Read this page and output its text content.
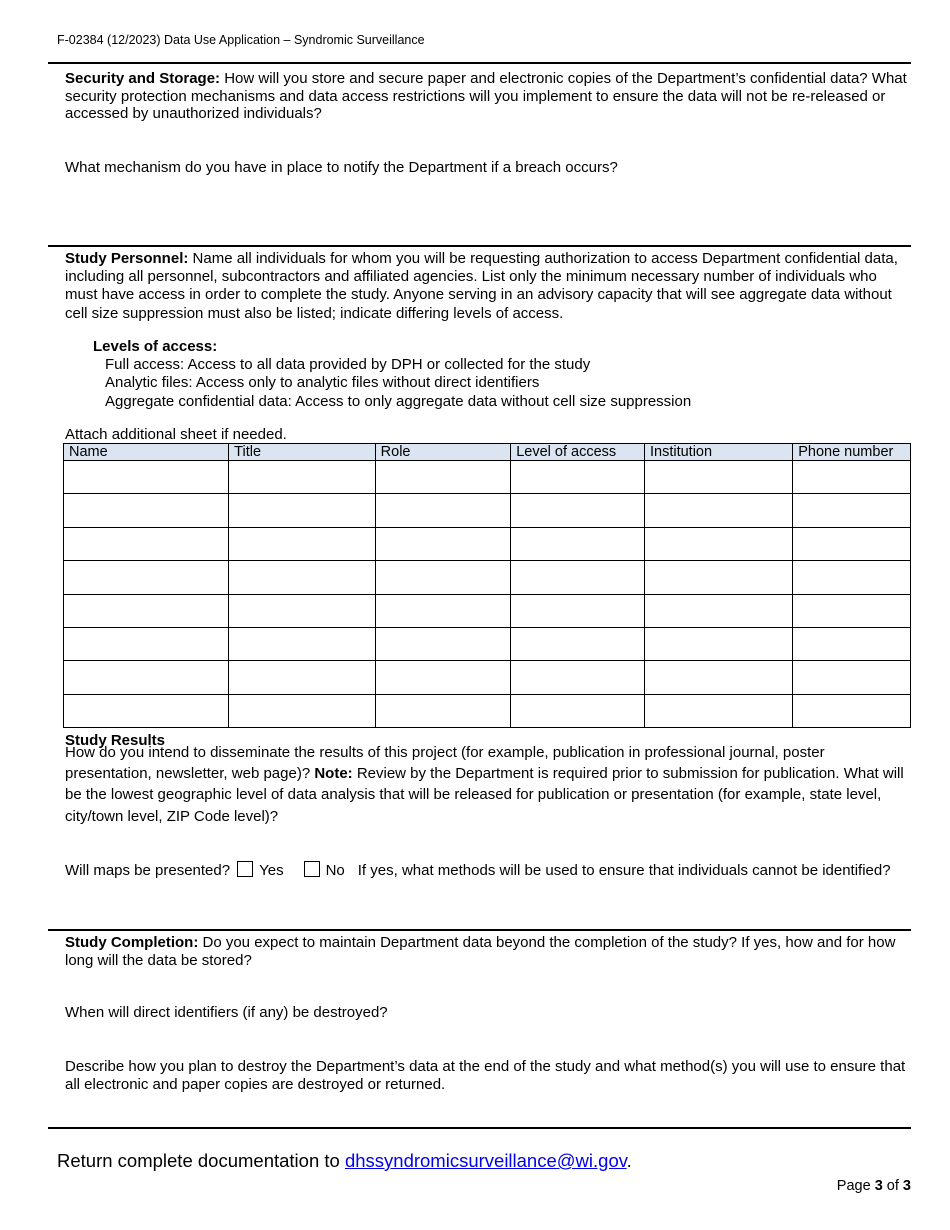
F-02384 (12/2023) Data Use Application – Syndromic Surveillance
Security and Storage: How will you store and secure paper and electronic copies of the Department’s confidential data? What security protection mechanisms and data access restrictions will you implement to ensure the data will not be re-released or accessed by unauthorized individuals?
What mechanism do you have in place to notify the Department if a breach occurs?
Study Personnel: Name all individuals for whom you will be requesting authorization to access Department confidential data, including all personnel, subcontractors and affiliated agencies. List only the minimum necessary number of individuals who must have access in order to complete the study. Anyone serving in an advisory capacity that will see aggregate data without cell size suppression must also be listed; indicate differing levels of access.
Levels of access:
Full access: Access to all data provided by DPH or collected for the study
Analytic files: Access only to analytic files without direct identifiers
Aggregate confidential data: Access to only aggregate data without cell size suppression
Attach additional sheet if needed.
Name	Title	Role	Level of access	Institution	Phone number

Study Results
How do you intend to disseminate the results of this project (for example, publication in professional journal, poster presentation, newsletter, web page)? Note: Review by the Department is required prior to submission for publication. What will be the lowest geographic level of data analysis that will be released for publication or presentation (for example, state level, city/town level, ZIP Code level)?
Will maps be presented? Yes	No If yes, what methods will be used to ensure that individuals cannot be identified?
Study Completion: Do you expect to maintain Department data beyond the completion of the study? If yes, how and for how long will the data be stored?
When will direct identifiers (if any) be destroyed?
Describe how you plan to destroy the Department’s data at the end of the study and what method(s) you will use to ensure that all electronic and paper copies are destroyed or returned.
Return complete documentation to dhssyndromicsurveillance@wi.gov.
Page 3 of 3
